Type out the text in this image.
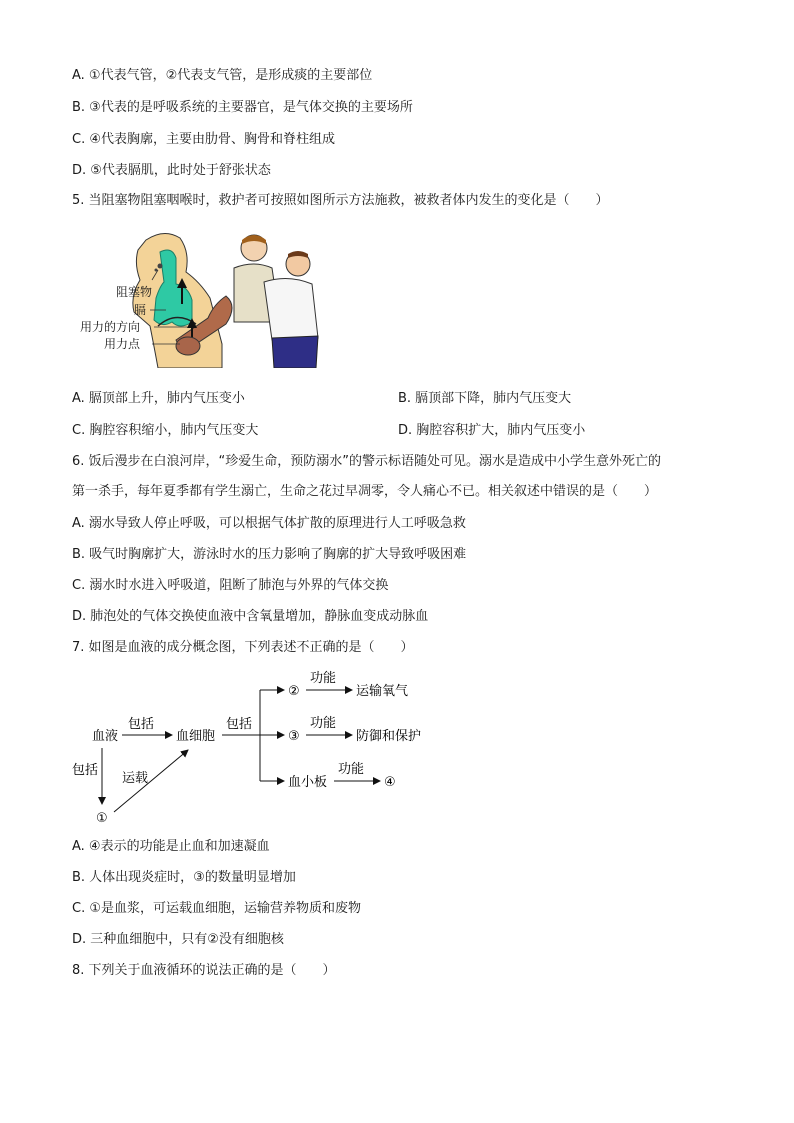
A. ①代表气管，②代表支气管，是形成痰的主要部位
B. ③代表的是呼吸系统的主要器官，是气体交换的主要场所
C. ④代表胸廓，主要由肋骨、胸骨和脊柱组成
D. ⑤代表膈肌，此时处于舒张状态
5. 当阻塞物阻塞咽喉时，救护者可按照如图所示方法施救，被救者体内发生的变化是（　　）
阻塞物
膈
用力的方向
用力点
A. 膈顶部上升，肺内气压变小	B. 膈顶部下降，肺内气压变大
C. 胸腔容积缩小，肺内气压变大	D. 胸腔容积扩大，肺内气压变小
6. 饭后漫步在白浪河岸，“珍爱生命，预防溺水”的警示标语随处可见。溺水是造成中小学生意外死亡的
第一杀手，每年夏季都有学生溺亡，生命之花过早凋零，令人痛心不已。相关叙述中错误的是（　　）
A. 溺水导致人停止呼吸，可以根据气体扩散的原理进行人工呼吸急救
B. 吸气时胸廓扩大，游泳时水的压力影响了胸廓的扩大导致呼吸困难
C. 溺水时水进入呼吸道，阻断了肺泡与外界的气体交换
D. 肺泡处的气体交换使血液中含氧量增加，静脉血变成动脉血
7. 如图是血液的成分概念图，下列表述不正确的是（　　）
血液
包括
血细胞
包括
②
功能
运输氧气
③
功能
防御和保护
血小板
功能
④
包括
①
运载
A. ④表示的功能是止血和加速凝血
B. 人体出现炎症时，③的数量明显增加
C. ①是血浆，可运载血细胞，运输营养物质和废物
D. 三种血细胞中，只有②没有细胞核
8. 下列关于血液循环的说法正确的是（　　）
